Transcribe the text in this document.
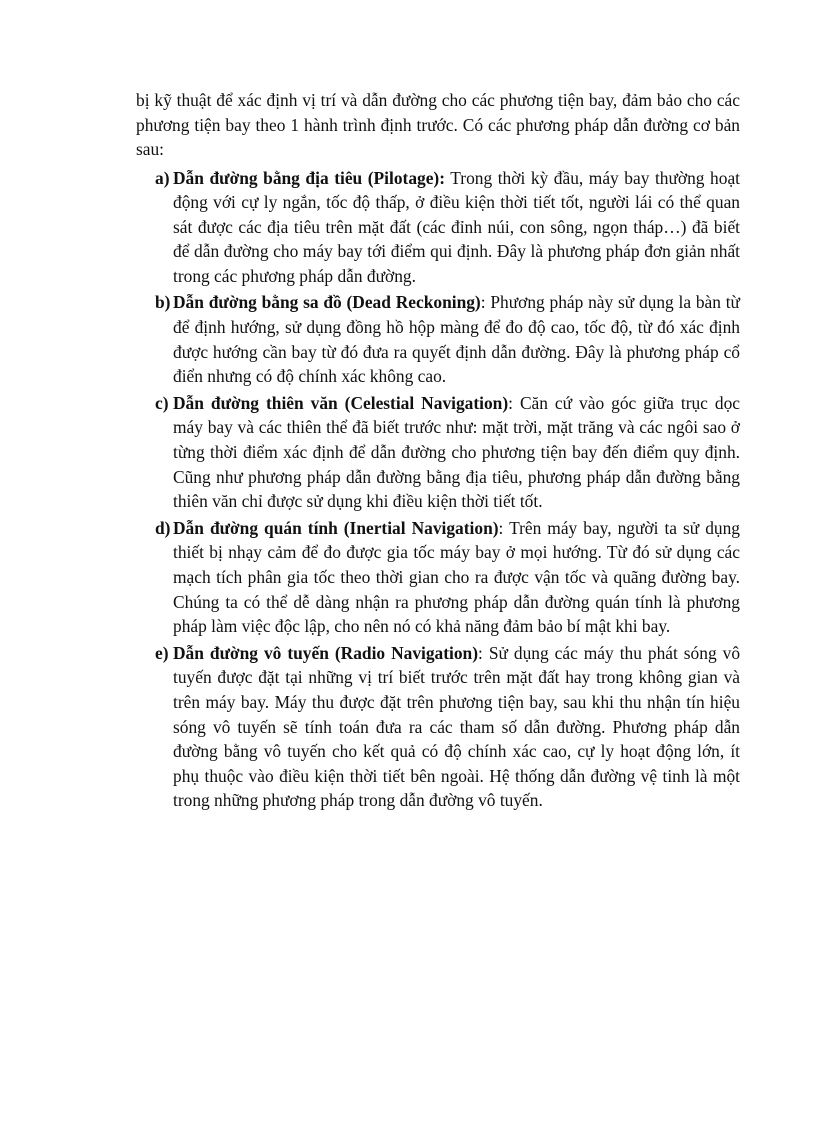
bị kỹ thuật để xác định vị trí và dẫn đường cho các phương tiện bay, đảm bảo cho các phương tiện bay theo 1 hành trình định trước. Có các phương pháp dẫn đường cơ bản sau:

a) Dẫn đường bằng địa tiêu (Pilotage): Trong thời kỳ đầu, máy bay thường hoạt động với cự ly ngắn, tốc độ thấp, ở điều kiện thời tiết tốt, người lái có thể quan sát được các địa tiêu trên mặt đất (các đỉnh núi, con sông, ngọn tháp…) đã biết để dẫn đường cho máy bay tới điểm qui định. Đây là phương pháp đơn giản nhất trong các phương pháp dẫn đường.
b) Dẫn đường bằng sa đồ (Dead Reckoning): Phương pháp này sử dụng la bàn từ để định hướng, sử dụng đồng hồ hộp màng để đo độ cao, tốc độ, từ đó xác định được hướng cần bay từ đó đưa ra quyết định dẫn đường. Đây là phương pháp cổ điển nhưng có độ chính xác không cao.
c) Dẫn đường thiên văn (Celestial Navigation): Căn cứ vào góc giữa trục dọc máy bay và các thiên thể đã biết trước như: mặt trời, mặt trăng và các ngôi sao ở từng thời điểm xác định để dẫn đường cho phương tiện bay đến điểm quy định. Cũng như phương pháp dẫn đường bằng địa tiêu, phương pháp dẫn đường bằng thiên văn chỉ được sử dụng khi điều kiện thời tiết tốt.
d) Dẫn đường quán tính (Inertial Navigation): Trên máy bay, người ta sử dụng thiết bị nhạy cảm để đo được gia tốc máy bay ở mọi hướng. Từ đó sử dụng các mạch tích phân gia tốc theo thời gian cho ra được vận tốc và quãng đường bay. Chúng ta có thể dễ dàng nhận ra phương pháp dẫn đường quán tính là phương pháp làm việc độc lập, cho nên nó có khả năng đảm bảo bí mật khi bay.
e) Dẫn đường vô tuyến (Radio Navigation): Sử dụng các máy thu phát sóng vô tuyến được đặt tại những vị trí biết trước trên mặt đất hay trong không gian và trên máy bay. Máy thu được đặt trên phương tiện bay, sau khi thu nhận tín hiệu sóng vô tuyến sẽ tính toán đưa ra các tham số dẫn đường. Phương pháp dẫn đường bằng vô tuyến cho kết quả có độ chính xác cao, cự ly hoạt động lớn, ít phụ thuộc vào điều kiện thời tiết bên ngoài. Hệ thống dẫn đường vệ tinh là một trong những phương pháp trong dẫn đường vô tuyến.
